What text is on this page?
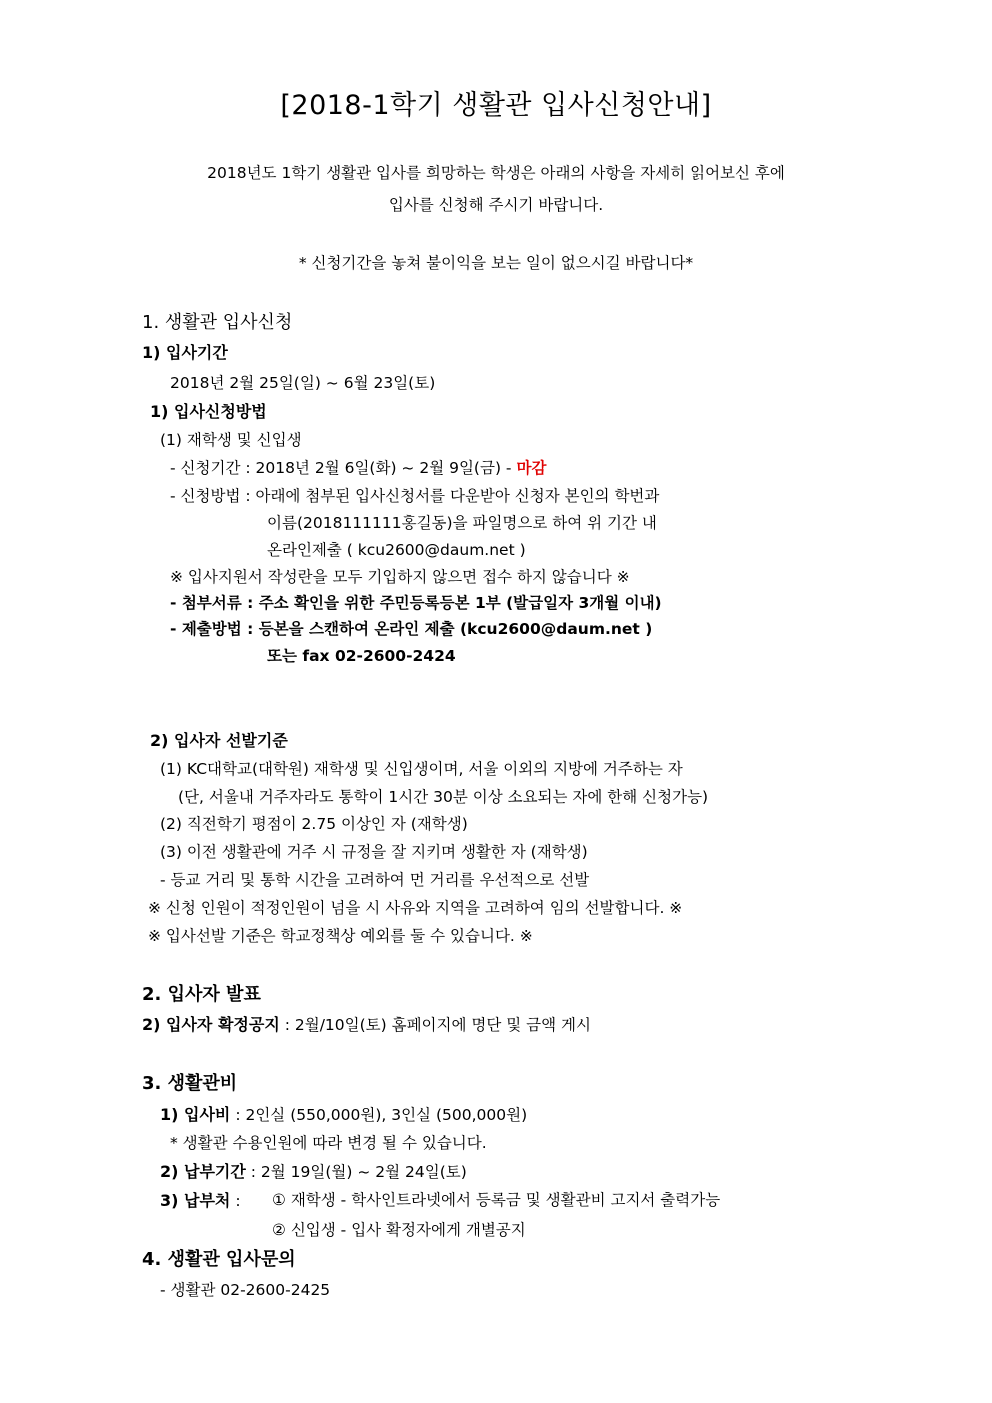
[2018-1학기 생활관 입사신청안내]
2018년도 1학기 생활관 입사를 희망하는 학생은 아래의 사항을 자세히 읽어보신 후에
입사를 신청해 주시기 바랍니다.
* 신청기간을 놓쳐 불이익을 보는 일이 없으시길 바랍니다*
1. 생활관 입사신청
1) 입사기간
2018년 2월 25일(일) ~ 6월 23일(토)
1) 입사신청방법
(1) 재학생 및 신입생
- 신청기간 : 2018년 2월 6일(화) ~ 2월 9일(금) - 마감
- 신청방법 : 아래에 첨부된 입사신청서를 다운받아 신청자 본인의 학번과
이름(2018111111홍길동)을 파일명으로 하여 위 기간 내
온라인제출 ( kcu2600@daum.net )
※ 입사지원서 작성란을 모두 기입하지 않으면 접수 하지 않습니다 ※
- 첨부서류 : 주소 확인을 위한 주민등록등본 1부 (발급일자 3개월 이내)
- 제출방법 : 등본을 스캔하여 온라인 제출 (kcu2600@daum.net )
또는 fax 02-2600-2424
2) 입사자 선발기준
(1) KC대학교(대학원) 재학생 및 신입생이며, 서울 이외의 지방에 거주하는 자
(단, 서울내 거주자라도 통학이 1시간 30분 이상 소요되는 자에 한해 신청가능)
(2) 직전학기 평점이 2.75 이상인 자 (재학생)
(3) 이전 생활관에 거주 시 규정을 잘 지키며 생활한 자 (재학생)
- 등교 거리 및 통학 시간을 고려하여 먼 거리를 우선적으로 선발
※ 신청 인원이 적정인원이 넘을 시 사유와 지역을 고려하여 임의 선발합니다. ※
※ 입사선발 기준은 학교정책상 예외를 둘 수 있습니다. ※
2. 입사자 발표
2) 입사자 확정공지 : 2월/10일(토) 홈페이지에 명단 및 금액 게시
3. 생활관비
1) 입사비 : 2인실 (550,000원), 3인실 (500,000원)
* 생활관 수용인원에 따라 변경 될 수 있습니다.
2) 납부기간 : 2월 19일(월) ~ 2월 24일(토)
3) 납부처 : ① 재학생 - 학사인트라넷에서 등록금 및 생활관비 고지서 출력가능
② 신입생 - 입사 확정자에게 개별공지
4. 생활관 입사문의
- 생활관 02-2600-2425
